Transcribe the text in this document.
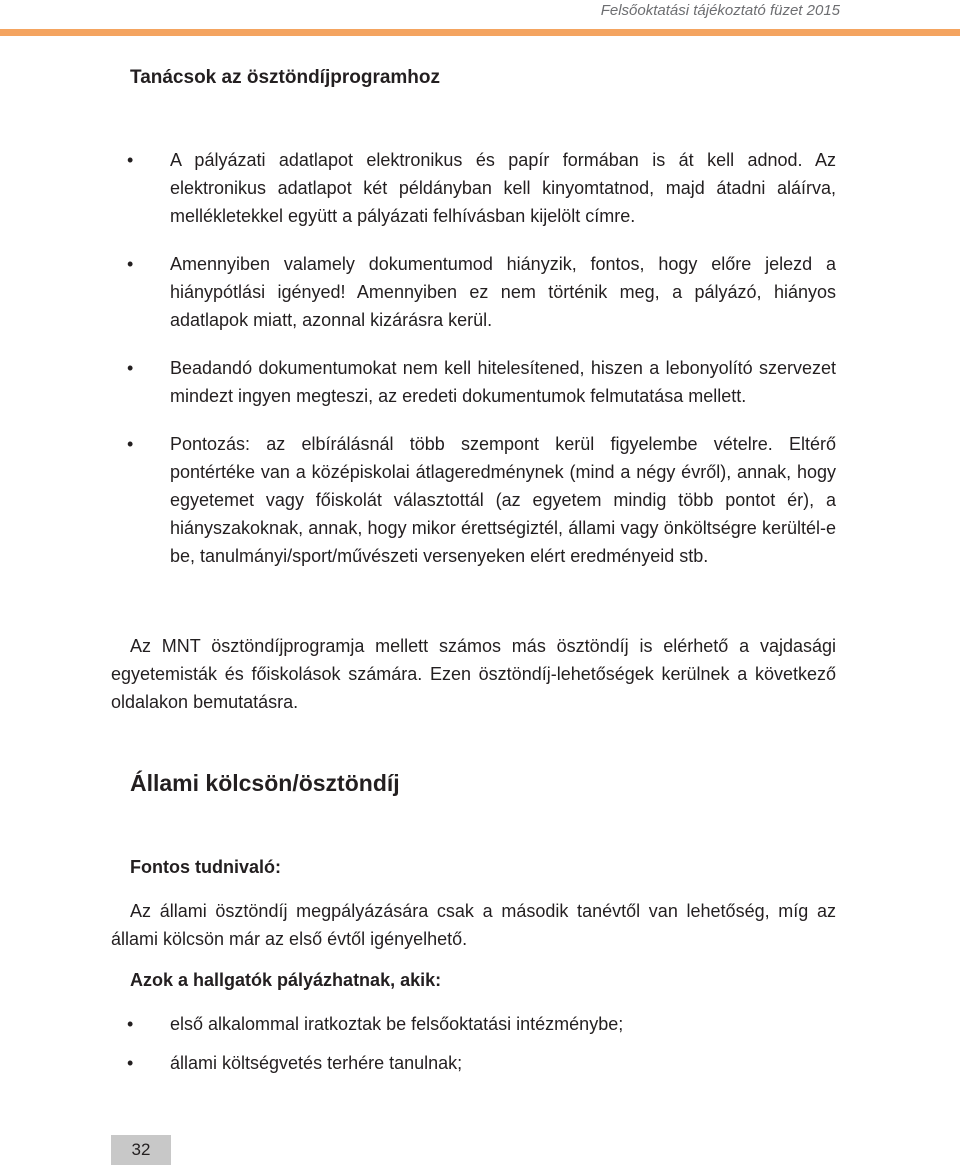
Felsőoktatási tájékoztató füzet 2015
Tanácsok az ösztöndíjprogramhoz
• A pályázati adatlapot elektronikus és papír formában is át kell adnod. Az elektronikus adatlapot két példányban kell kinyomtatnod, majd átadni aláírva, mellékletekkel együtt a pályázati felhívásban kijelölt címre.
• Amennyiben valamely dokumentumod hiányzik, fontos, hogy előre jelezd a hiánypótlási igényed! Amennyiben ez nem történik meg, a pályázó, hiányos adatlapok miatt, azonnal kizárásra kerül.
• Beadandó dokumentumokat nem kell hitelesítened, hiszen a lebonyolító szervezet mindezt ingyen megteszi, az eredeti dokumentumok felmutatása mellett.
• Pontozás: az elbírálásnál több szempont kerül figyelembe vételre. Eltérő pontértéke van a középiskolai átlageredménynek (mind a négy évről), annak, hogy egyetemet vagy főiskolát választottál (az egyetem mindig több pontot ér), a hiányszakoknak, annak, hogy mikor érettségiztél, állami vagy önköltségre kerültél-e be, tanulmányi/sport/művészeti versenyeken elért eredményeid stb.

Az MNT ösztöndíjprogramja mellett számos más ösztöndíj is elérhető a vajdasági egyetemisták és főiskolások számára. Ezen ösztöndíj-lehetőségek kerülnek a következő oldalakon bemutatásra.

Állami kölcsön/ösztöndíj
Fontos tudnivaló:

Az állami ösztöndíj megpályázására csak a második tanévtől van lehetőség, míg az állami kölcsön már az első évtől igényelhető.

Azok a hallgatók pályázhatnak, akik:
• első alkalommal iratkoztak be felsőoktatási intézménybe;
• állami költségvetés terhére tanulnak;
32
